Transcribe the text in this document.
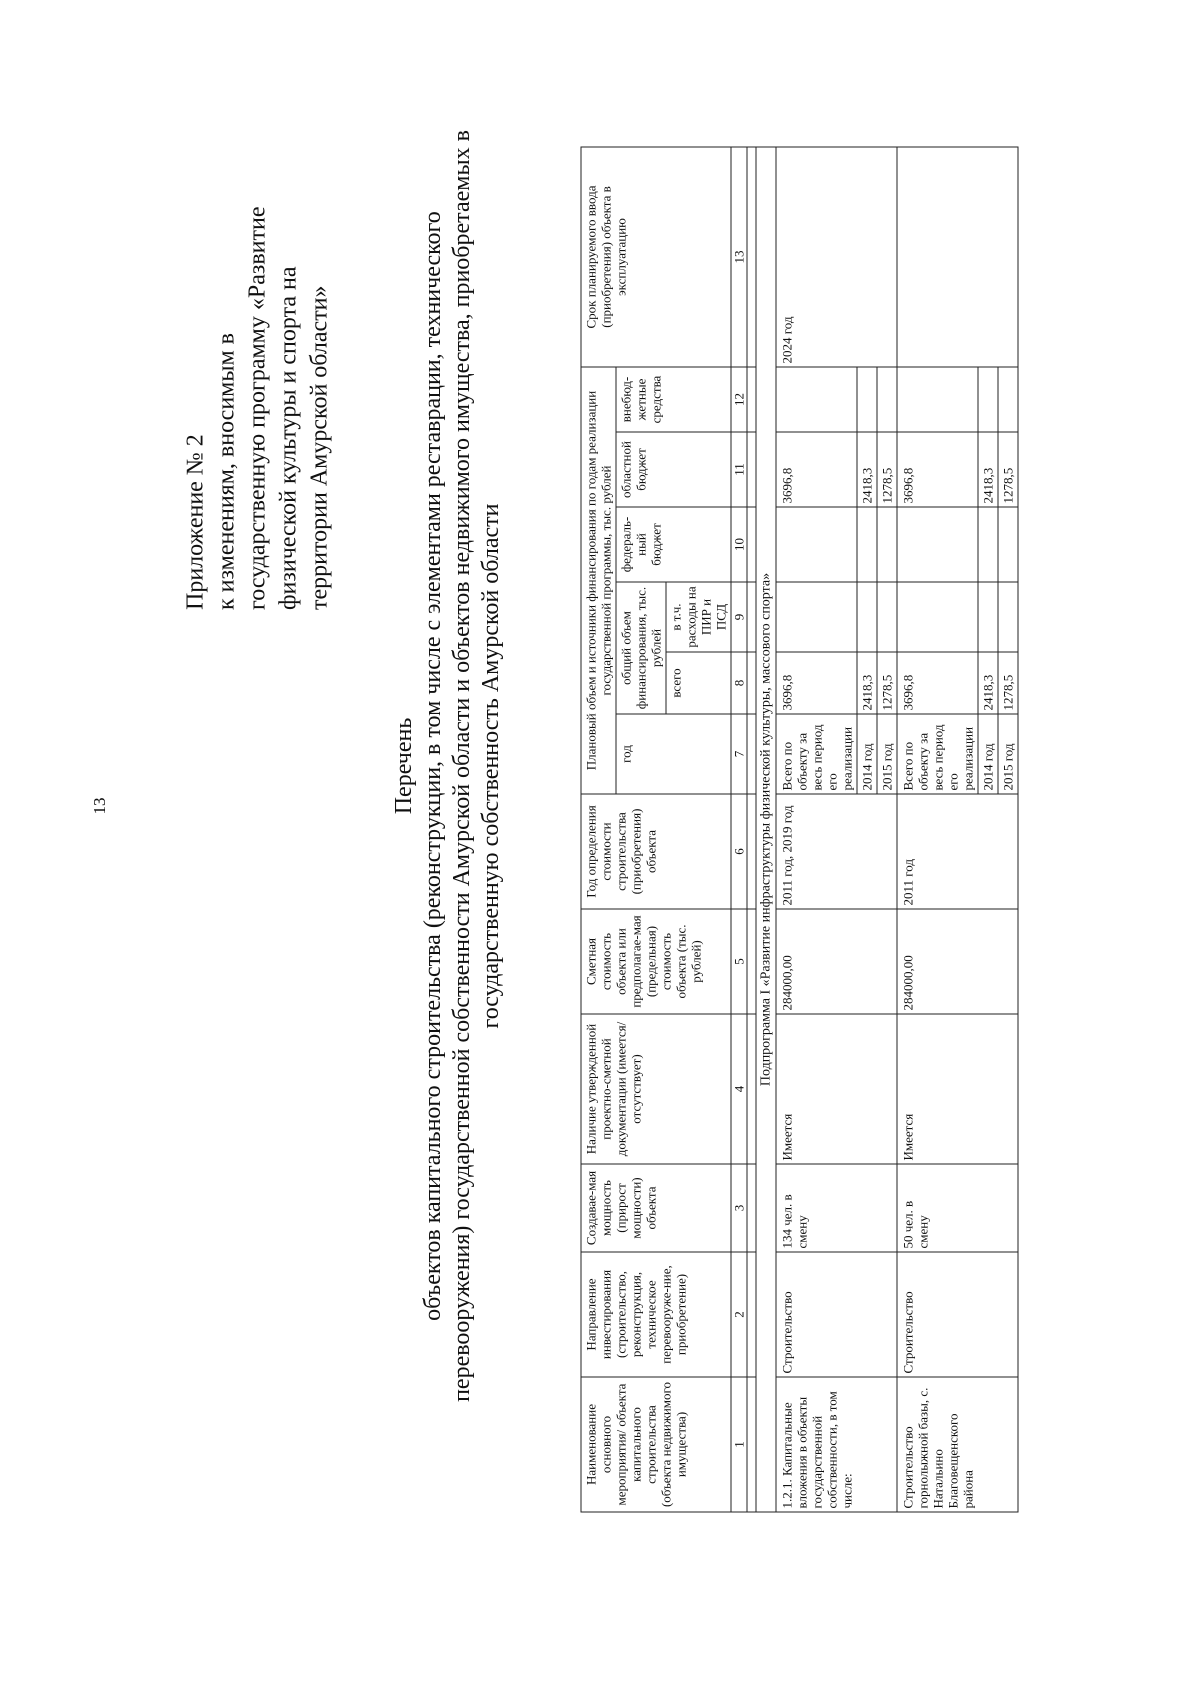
13
Приложение № 2 к изменениям, вносимым в государственную программу «Развитие физической культуры и спорта на территории Амурской области»
Перечень объектов капитального строительства (реконструкции, в том числе с элементами реставрации, технического перевооружения) государственной собственности Амурской области и объектов недвижимого имущества, приобретаемых в государственную собственность Амурской области
Наименование основного мероприятия/ объекта капитального строительства (объекта недвижимого имущества)	Направление инвестирования (строительство, реконструкция, техническое перевооруже-ние, приобретение)	Создавае-мая мощность (прирост мощности) объекта	Наличие утвержденной проектно-сметной документации (имеется/отсутствует)	Сметная стоимость объекта или предполагае-мая (предельная) стоимость объекта (тыс. рублей)	Год определения стоимости строительства (приобретения) объекта	Плановый объем и источники финансирования по годам реализации государственной программы, тыс. рублей						Срок планируемого ввода (приобретения) объекта в эксплуатацию
						год	общий объем финансирования, тыс. рублей		федераль-ный бюджет	областной бюджет	внебюд-жетные средства	
							всего	в т.ч. расходы на ПИР и ПСД				
1	2	3	4	5	6	7	8	9	10	11	12	13

Подпрограмма I «Развитие инфраструктуры физической культуры, массового спорта»												
1.2.1. Капитальные вложения в объекты государственной собственности, в том числе:	Строительство	134 чел. в смену	Имеется	284000,00	2011 год, 2019 год	Всего по объекту за весь период его реализации	3696,8			3696,8		2024 год
						2014 год	2418,3			2418,3		
						2015 год	1278,5			1278,5		
Строительство горнолыжной базы, с. Натальино Благовещенского района	Строительство	50 чел. в смену	Имеется	284000,00	2011 год	Всего по объекту за весь период его реализации	3696,8			3696,8		
						2014 год	2418,3			2418,3		
						2015 год	1278,5			1278,5		
